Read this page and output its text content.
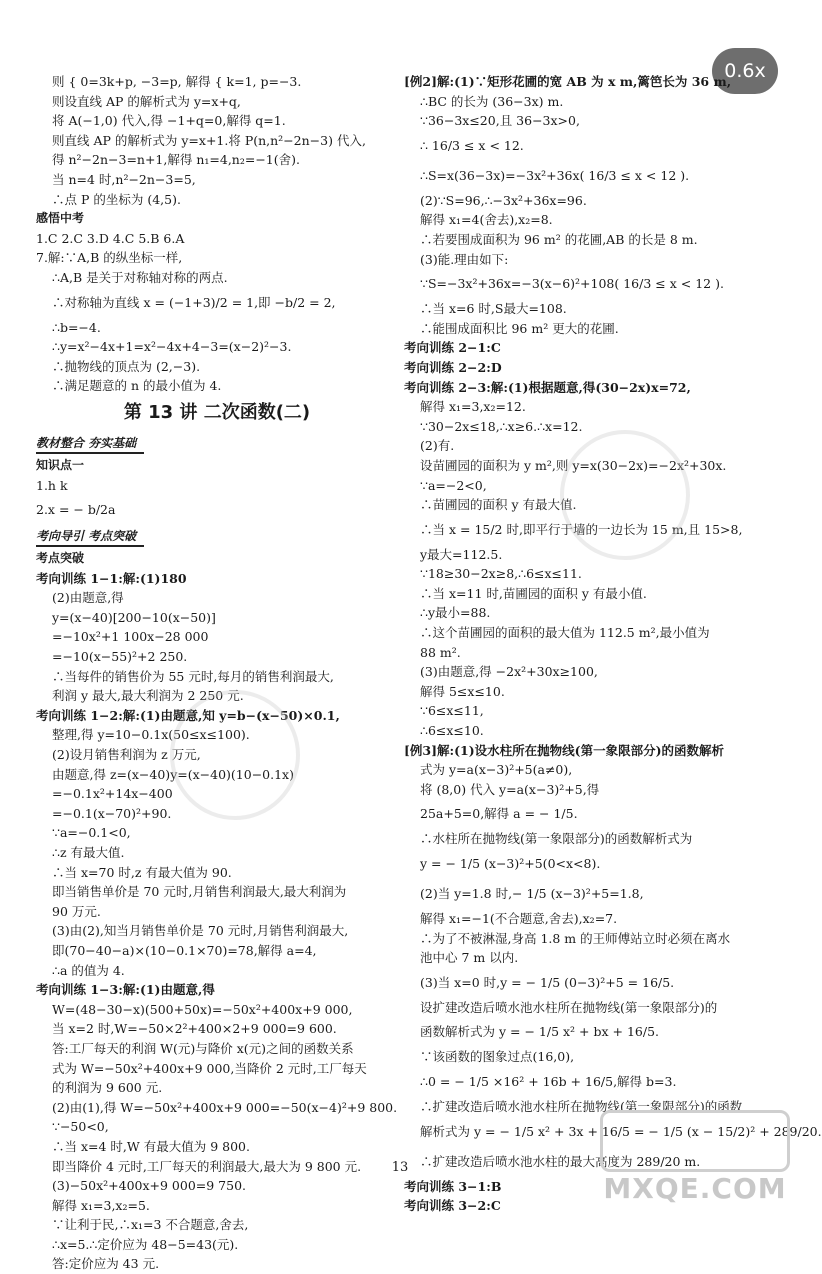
0.6x
则 { 0=3k+p, −3=p, 解得 { k=1, p=−3.
则设直线 AP 的解析式为 y=x+q,
将 A(−1,0) 代入,得 −1+q=0,解得 q=1.
则直线 AP 的解析式为 y=x+1.将 P(n,n²−2n−3) 代入,
得 n²−2n−3=n+1,解得 n₁=4,n₂=−1(舍).
当 n=4 时,n²−2n−3=5,
∴点 P 的坐标为 (4,5).
感悟中考
1.C 2.C 3.D 4.C 5.B 6.A
7.解:∵A,B 的纵坐标一样,
∴A,B 是关于对称轴对称的两点.
∴对称轴为直线 x = (−1+3)/2 = 1,即 −b/2 = 2,
∴b=−4.
∴y=x²−4x+1=x²−4x+4−3=(x−2)²−3.
∴抛物线的顶点为 (2,−3).
∴满足题意的 n 的最小值为 4.
第 13 讲 二次函数(二)
教材整合 夯实基础
知识点一
1.h k
2.x = − b/2a
考向导引 考点突破
考点突破
考向训练 1−1:解:(1)180
(2)由题意,得
y=(x−40)[200−10(x−50)]
=−10x²+1 100x−28 000
=−10(x−55)²+2 250.
∴当每件的销售价为 55 元时,每月的销售利润最大,
利润 y 最大,最大利润为 2 250 元.
考向训练 1−2:解:(1)由题意,知 y=b−(x−50)×0.1,
整理,得 y=10−0.1x(50≤x≤100).
(2)设月销售利润为 z 万元,
由题意,得 z=(x−40)y=(x−40)(10−0.1x)
=−0.1x²+14x−400
=−0.1(x−70)²+90.
∵a=−0.1<0,
∴z 有最大值.
∴当 x=70 时,z 有最大值为 90.
即当销售单价是 70 元时,月销售利润最大,最大利润为
90 万元.
(3)由(2),知当月销售单价是 70 元时,月销售利润最大,
即(70−40−a)×(10−0.1×70)=78,解得 a=4,
∴a 的值为 4.
考向训练 1−3:解:(1)由题意,得
W=(48−30−x)(500+50x)=−50x²+400x+9 000,
当 x=2 时,W=−50×2²+400×2+9 000=9 600.
答:工厂每天的利润 W(元)与降价 x(元)之间的函数关系
式为 W=−50x²+400x+9 000,当降价 2 元时,工厂每天
的利润为 9 600 元.
(2)由(1),得 W=−50x²+400x+9 000=−50(x−4)²+9 800.
∵−50<0,
∴当 x=4 时,W 有最大值为 9 800.
即当降价 4 元时,工厂每天的利润最大,最大为 9 800 元.
(3)−50x²+400x+9 000=9 750.
解得 x₁=3,x₂=5.
∵让利于民,∴x₁=3 不合题意,舍去,
∴x=5.∴定价应为 48−5=43(元).
答:定价应为 43 元.
[例2]解:(1)∵矩形花圃的宽 AB 为 x m,篱笆长为 36 m,
∴BC 的长为 (36−3x) m.
∵36−3x≤20,且 36−3x>0,
∴ 16/3 ≤ x < 12.
∴S=x(36−3x)=−3x²+36x( 16/3 ≤ x < 12 ).
(2)∵S=96,∴−3x²+36x=96.
解得 x₁=4(舍去),x₂=8.
∴若要围成面积为 96 m² 的花圃,AB 的长是 8 m.
(3)能.理由如下:
∵S=−3x²+36x=−3(x−6)²+108( 16/3 ≤ x < 12 ).
∴当 x=6 时,S最大=108.
∴能围成面积比 96 m² 更大的花圃.
考向训练 2−1:C
考向训练 2−2:D
考向训练 2−3:解:(1)根据题意,得(30−2x)x=72,
解得 x₁=3,x₂=12.
∵30−2x≤18,∴x≥6.∴x=12.
(2)有.
设苗圃园的面积为 y m²,则 y=x(30−2x)=−2x²+30x.
∵a=−2<0,
∴苗圃园的面积 y 有最大值.
∴当 x = 15/2 时,即平行于墙的一边长为 15 m,且 15>8,
y最大=112.5.
∵18≥30−2x≥8,∴6≤x≤11.
∴当 x=11 时,苗圃园的面积 y 有最小值.
∴y最小=88.
∴这个苗圃园的面积的最大值为 112.5 m²,最小值为
88 m².
(3)由题意,得 −2x²+30x≥100,
解得 5≤x≤10.
∵6≤x≤11,
∴6≤x≤10.
[例3]解:(1)设水柱所在抛物线(第一象限部分)的函数解析
式为 y=a(x−3)²+5(a≠0),
将 (8,0) 代入 y=a(x−3)²+5,得
25a+5=0,解得 a = − 1/5.
∴水柱所在抛物线(第一象限部分)的函数解析式为
y = − 1/5 (x−3)²+5(0<x<8).
(2)当 y=1.8 时,− 1/5 (x−3)²+5=1.8,
解得 x₁=−1(不合题意,舍去),x₂=7.
∴为了不被淋湿,身高 1.8 m 的王师傅站立时必须在离水
池中心 7 m 以内.
(3)当 x=0 时,y = − 1/5 (0−3)²+5 = 16/5.
设扩建改造后喷水池水柱所在抛物线(第一象限部分)的
函数解析式为 y = − 1/5 x² + bx + 16/5.
∵该函数的图象过点(16,0),
∴0 = − 1/5 ×16² + 16b + 16/5,解得 b=3.
∴扩建改造后喷水池水柱所在抛物线(第一象限部分)的函数
解析式为 y = − 1/5 x² + 3x + 16/5 = − 1/5 (x − 15/2)² + 289/20.
∴扩建改造后喷水池水柱的最大高度为 289/20 m.
考向训练 3−1:B
考向训练 3−2:C
13
MXQE.COM
